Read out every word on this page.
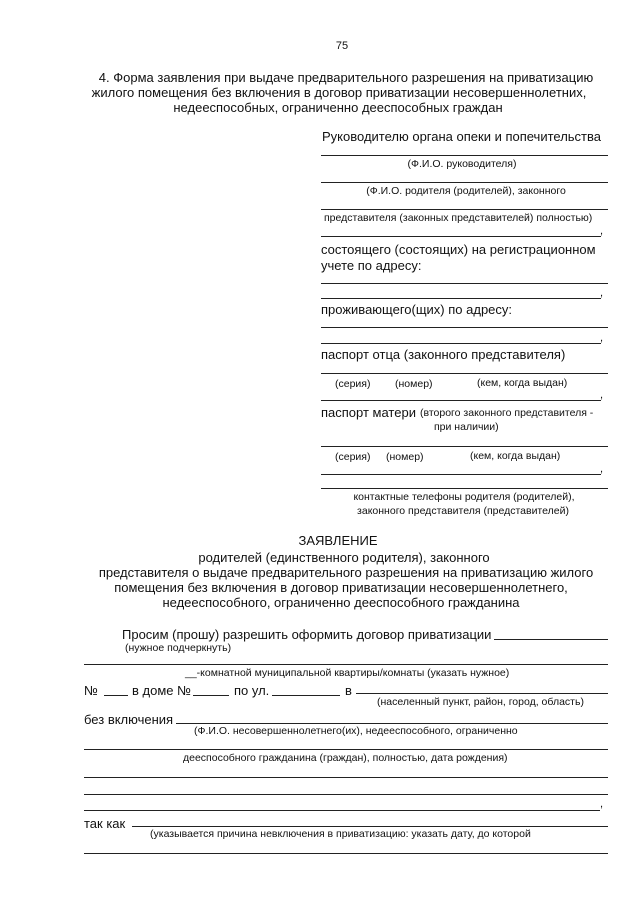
75
4. Форма заявления при выдаче предварительного разрешения на приватизацию
жилого помещения без включения в договор приватизации несовершеннолетних,
недееспособных, ограниченно дееспособных граждан
Руководителю органа опеки и попечительства
(Ф.И.О. руководителя)
(Ф.И.О. родителя (родителей), законного
представителя (законных представителей) полностью)
,
состоящего (состоящих) на регистрационном
учете по адресу:
,
проживающего(щих) по адресу:
,
паспорт отца (законного представителя)
(серия) (номер)	(кем, когда выдан)
,
паспорт матери (второго законного представителя -
при наличии)
(серия) (номер)	(кем, когда выдан)
,
контактные телефоны родителя (родителей),
законного представителя (представителей)
ЗАЯВЛЕНИЕ
родителей (единственного родителя), законного
представителя о выдаче предварительного разрешения на приватизацию жилого
помещения без включения в договор приватизации несовершеннолетнего,
недееспособного, ограниченно дееспособного гражданина
Просим (прошу) разрешить оформить договор приватизации
(нужное подчеркнуть)
__-комнатной муниципальной квартиры/комнаты (указать нужное)
№	в доме №	по ул.	в
(населенный пункт, район, город, область)
без включения
(Ф.И.О. несовершеннолетнего(их), недееспособного, ограниченно
дееспособного гражданина (граждан), полностью, дата рождения)
,
так как
(указывается причина невключения в приватизацию: указать дату, до которой
